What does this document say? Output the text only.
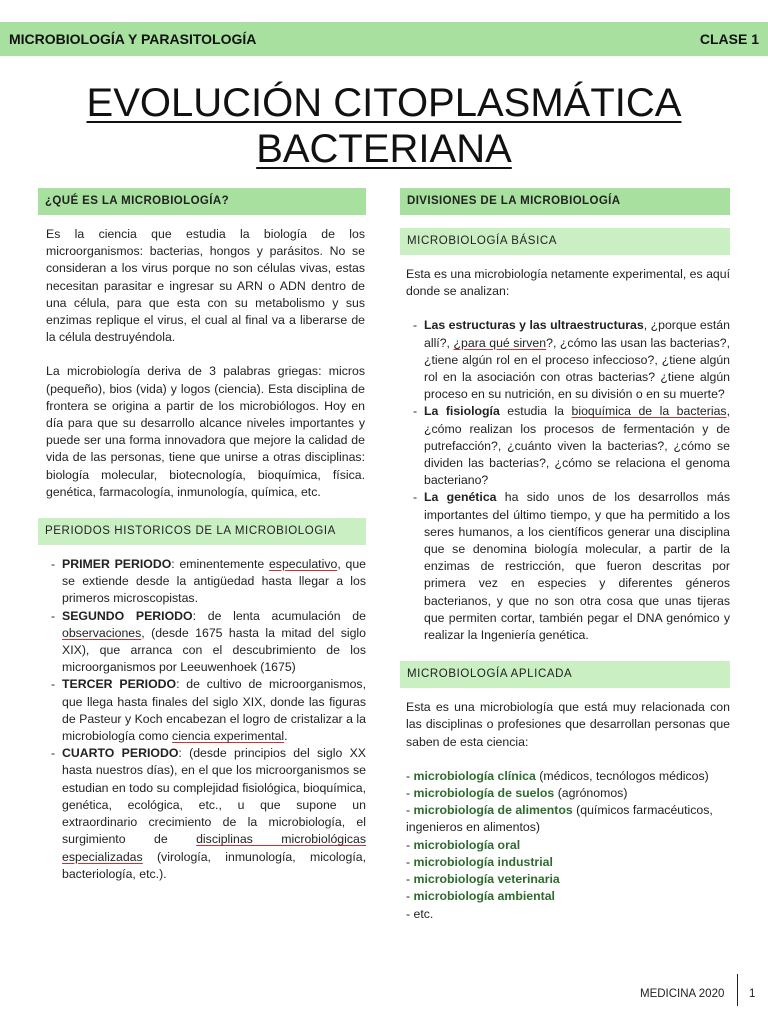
MICROBIOLOGÍA Y PARASITOLOGÍA	CLASE 1
EVOLUCIÓN CITOPLASMÁTICA
BACTERIANA
¿QUÉ ES LA MICROBIOLOGÍA?

Es la ciencia que estudia la biología de los microorganismos: bacterias, hongos y parásitos. No se consideran a los virus porque no son células vivas, estas necesitan parasitar e ingresar su ARN o ADN dentro de una célula, para que esta con su metabolismo y sus enzimas replique el virus, el cual al final va a liberarse de la célula destruyéndola.

La microbiología deriva de 3 palabras griegas: micros (pequeño), bios (vida) y logos (ciencia). Esta disciplina de frontera se origina a partir de los microbiólogos. Hoy en día para que su desarrollo alcance niveles importantes y puede ser una forma innovadora que mejore la calidad de vida de las personas, tiene que unirse a otras disciplinas: biología molecular, biotecnología, bioquímica, física. genética, farmacología, inmunología, química, etc.

PERIODOS HISTORICOS DE LA MICROBIOLOGIA
- PRIMER PERIODO: eminentemente especulativo, que se extiende desde la antigüedad hasta llegar a los primeros microscopistas.
- SEGUNDO PERIODO: de lenta acumulación de observaciones, (desde 1675 hasta la mitad del siglo XIX), que arranca con el descubrimiento de los microorganismos por Leeuwenhoek (1675)
- TERCER PERIODO: de cultivo de microorganismos, que llega hasta finales del siglo XIX, donde las figuras de Pasteur y Koch encabezan el logro de cristalizar a la microbiología como ciencia experimental.
- CUARTO PERIODO: (desde principios del siglo XX hasta nuestros días), en el que los microorganismos se estudian en todo su complejidad fisiológica, bioquímica, genética, ecológica, etc., u que supone un extraordinario crecimiento de la microbiología, el surgimiento de disciplinas microbiológicas especializadas (virología, inmunología, micología, bacteriología, etc.).
DIVISIONES DE LA MICROBIOLOGÍA
MICROBIOLOGÍA BÁSICA

Esta es una microbiología netamente experimental, es aquí donde se analizan:

- Las estructuras y las ultraestructuras, ¿porque están allí?, ¿para qué sirven?, ¿cómo las usan las bacterias?, ¿tiene algún rol en el proceso infeccioso?, ¿tiene algún rol en la asociación con otras bacterias? ¿tiene algún proceso en su nutrición, en su división o en su muerte?
- La fisiología estudia la bioquímica de la bacterias, ¿cómo realizan los procesos de fermentación y de putrefacción?, ¿cuánto viven la bacterias?, ¿cómo se dividen las bacterias?, ¿cómo se relaciona el genoma bacteriano?
- La genética ha sido unos de los desarrollos más importantes del último tiempo, y que ha permitido a los seres humanos, a los científicos generar una disciplina que se denomina biología molecular, a partir de la enzimas de restricción, que fueron descritas por primera vez en especies y diferentes géneros bacterianos, y que no son otra cosa que unas tijeras que permiten cortar, también pegar el DNA genómico y realizar la Ingeniería genética.
MICROBIOLOGÍA APLICADA

Esta es una microbiología que está muy relacionada con las disciplinas o profesiones que desarrollan personas que saben de esta ciencia:

- microbiología clínica (médicos, tecnólogos médicos)
- microbiología de suelos (agrónomos)
- microbiología de alimentos (químicos farmacéuticos, ingenieros en alimentos)
- microbiología oral
- microbiología industrial
- microbiología veterinaria
- microbiología ambiental
- etc.
MEDICINA 2020 1
